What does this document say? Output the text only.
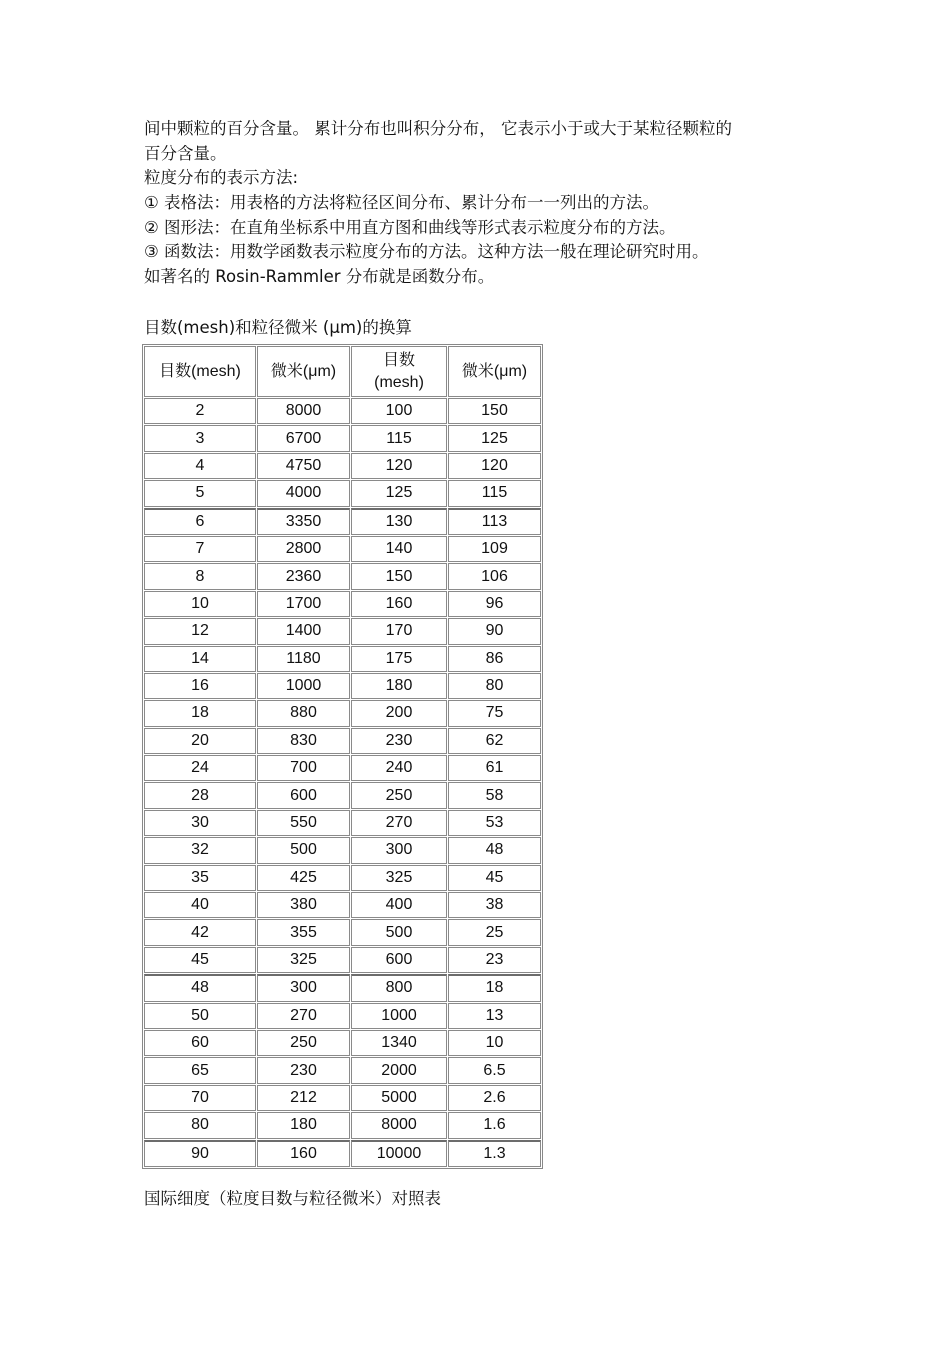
间中颗粒的百分含量。 累计分布也叫积分分布， 它表示小于或大于某粒径颗粒的
百分含量。
粒度分布的表示方法:
① 表格法：用表格的方法将粒径区间分布、累计分布一一列出的方法。
② 图形法：在直角坐标系中用直方图和曲线等形式表示粒度分布的方法。
③ 函数法：用数学函数表示粒度分布的方法。这种方法一般在理论研究时用。
如著名的 Rosin-Rammler 分布就是函数分布。
目数(mesh)和粒径微米 (μm)的换算
目数(mesh)	微米(μm)	目数
(mesh)	微米(μm)
2	8000	100	150
3	6700	115	125
4	4750	120	120
5	4000	125	115
6	3350	130	113
7	2800	140	109
8	2360	150	106
10	1700	160	96
12	1400	170	90
14	1180	175	86
16	1000	180	80
18	880	200	75
20	830	230	62
24	700	240	61
28	600	250	58
30	550	270	53
32	500	300	48
35	425	325	45
40	380	400	38
42	355	500	25
45	325	600	23
48	300	800	18
50	270	1000	13
60	250	1340	10
65	230	2000	6.5
70	212	5000	2.6
80	180	8000	1.6
90	160	10000	1.3
国际细度（粒度目数与粒径微米）对照表
